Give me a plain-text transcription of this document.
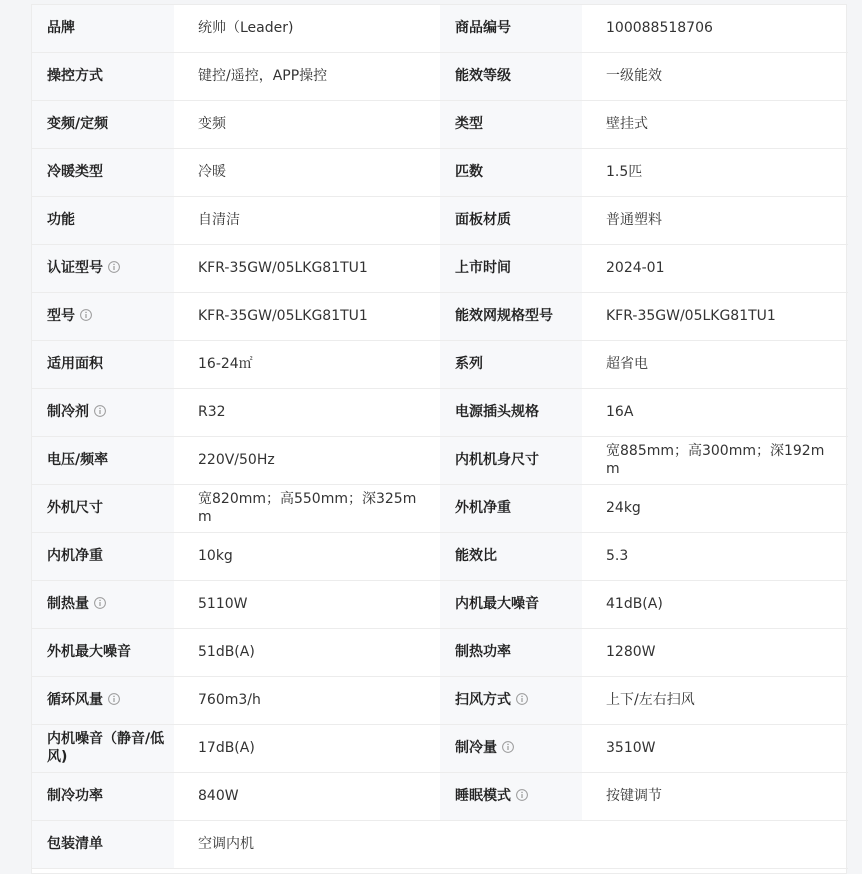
品牌	统帅（Leader)	商品编号	100088518706
操控方式	键控/遥控，APP操控	能效等级	一级能效
变频/定频	变频	类型	壁挂式
冷暖类型	冷暖	匹数	1.5匹
功能	自清洁	面板材质	普通塑料
认证型号	KFR-35GW/05LKG81TU1	上市时间	2024-01
型号	KFR-35GW/05LKG81TU1	能效网规格型号	KFR-35GW/05LKG81TU1
适用面积	16-24㎡	系列	超省电
制冷剂	R32	电源插头规格	16A
电压/频率	220V/50Hz	内机机身尺寸	宽885mm；高300mm；深192mm
外机尺寸	宽820mm；高550mm；深325mm	外机净重	24kg
内机净重	10kg	能效比	5.3
制热量	5110W	内机最大噪音	41dB(A)
外机最大噪音	51dB(A)	制热功率	1280W
循环风量	760m3/h	扫风方式	上下/左右扫风
内机噪音（静音/低风)	17dB(A)	制冷量	3510W
制冷功率	840W	睡眠模式	按键调节
包装清单	空调内机		
